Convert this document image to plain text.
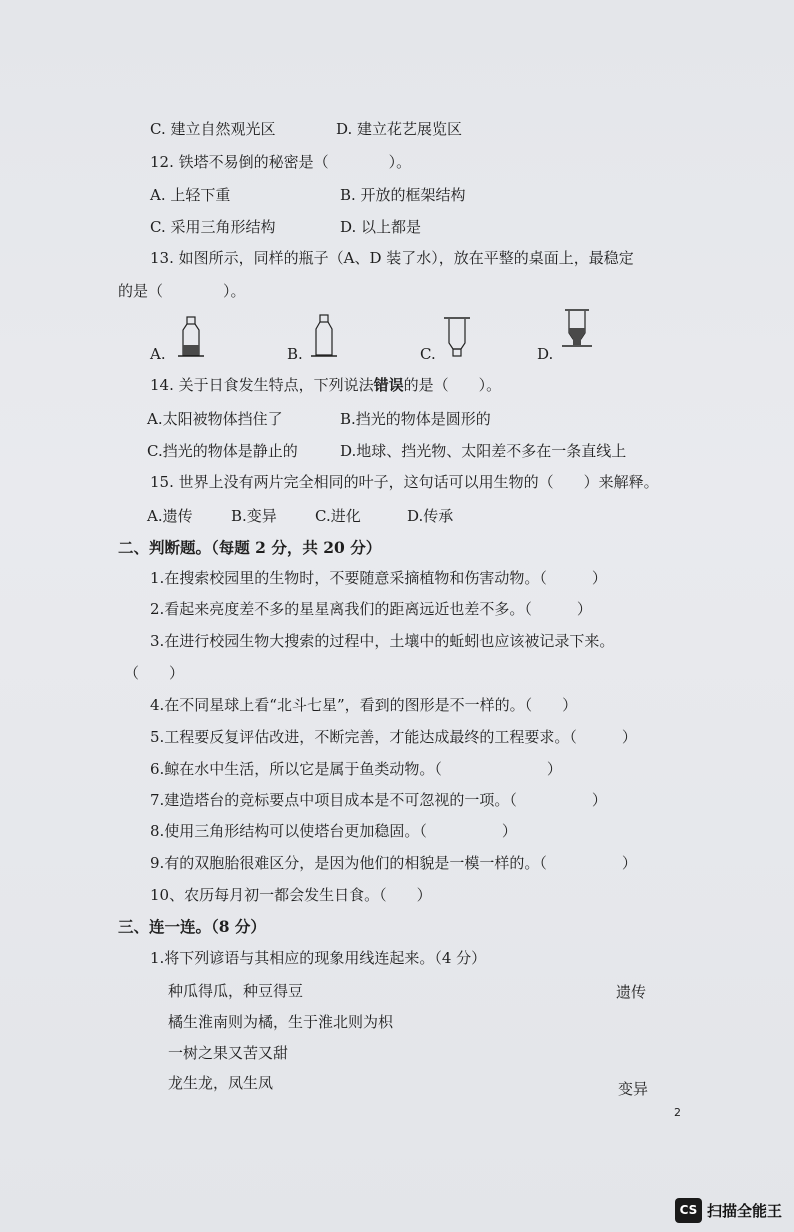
C. 建立自然观光区	D. 建立花艺展览区
12. 铁塔不易倒的秘密是（　　　　）。
A. 上轻下重	B. 开放的框架结构
C. 采用三角形结构	D. 以上都是
13. 如图所示，同样的瓶子（A、D 装了水），放在平整的桌面上，最稳定
的是（　　　　）。
A.	B.	C.	D.
14. 关于日食发生特点，下列说法错误的是（　　）。
A.太阳被物体挡住了	B.挡光的物体是圆形的
C.挡光的物体是静止的	D.地球、挡光物、太阳差不多在一条直线上
15. 世界上没有两片完全相同的叶子，这句话可以用生物的（　　）来解释。
A.遗传	B.变异	C.进化	D.传承
二、判断题。（每题 2 分，共 20 分）
1.在搜索校园里的生物时，不要随意采摘植物和伤害动物。（　　　）
2.看起来亮度差不多的星星离我们的距离远近也差不多。（　　　）
3.在进行校园生物大搜索的过程中，土壤中的蚯蚓也应该被记录下来。
（　　）
4.在不同星球上看“北斗七星”，看到的图形是不一样的。（　　）
5.工程要反复评估改进，不断完善，才能达成最终的工程要求。（　　　）
6.鲸在水中生活，所以它是属于鱼类动物。（　　　　　　　）
7.建造塔台的竞标要点中项目成本是不可忽视的一项。（　　　　　）
8.使用三角形结构可以使塔台更加稳固。（　　　　　）
9.有的双胞胎很难区分，是因为他们的相貌是一模一样的。（　　　　　）
10、农历每月初一都会发生日食。（　　）
三、连一连。（8 分）
1.将下列谚语与其相应的现象用线连起来。（4 分）
种瓜得瓜，种豆得豆
橘生淮南则为橘，生于淮北则为枳
一树之果又苦又甜
龙生龙，凤生凤
遗传
变异
2
CS 扫描全能王
